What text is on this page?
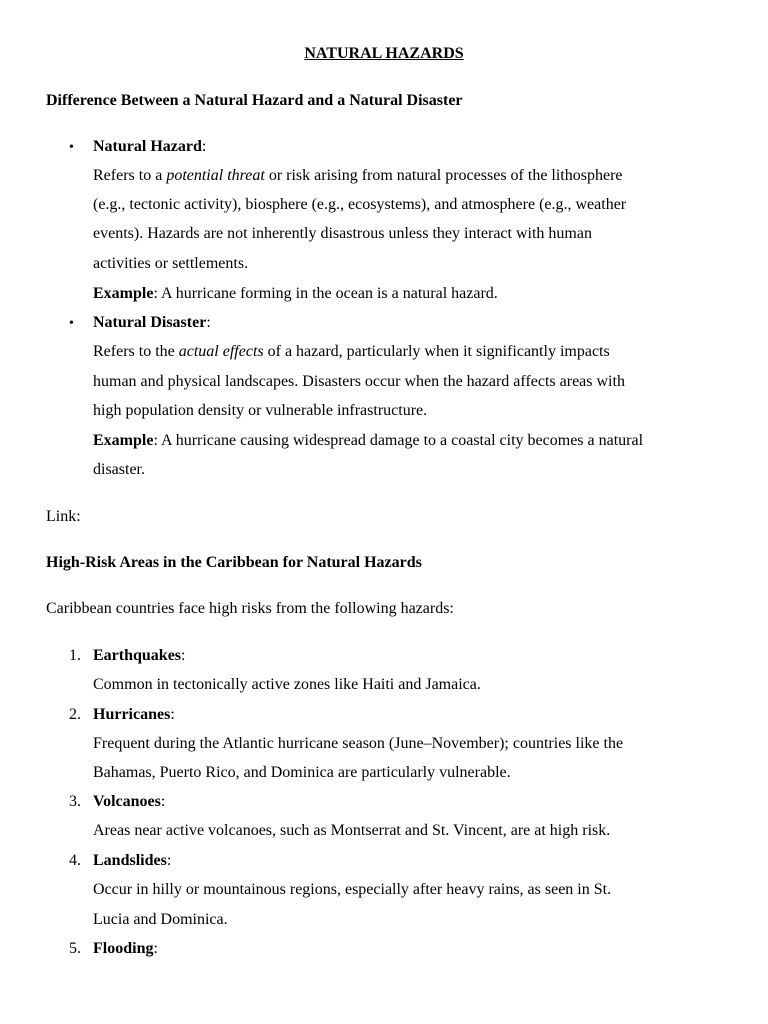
NATURAL HAZARDS
Difference Between a Natural Hazard and a Natural Disaster
• Natural Hazard:
Refers to a potential threat or risk arising from natural processes of the lithosphere
(e.g., tectonic activity), biosphere (e.g., ecosystems), and atmosphere (e.g., weather
events). Hazards are not inherently disastrous unless they interact with human
activities or settlements.
Example: A hurricane forming in the ocean is a natural hazard.
• Natural Disaster:
Refers to the actual effects of a hazard, particularly when it significantly impacts
human and physical landscapes. Disasters occur when the hazard affects areas with
high population density or vulnerable infrastructure.
Example: A hurricane causing widespread damage to a coastal city becomes a natural
disaster.
Link:
High-Risk Areas in the Caribbean for Natural Hazards
Caribbean countries face high risks from the following hazards:
1. Earthquakes:
Common in tectonically active zones like Haiti and Jamaica.
2. Hurricanes:
Frequent during the Atlantic hurricane season (June–November); countries like the
Bahamas, Puerto Rico, and Dominica are particularly vulnerable.
3. Volcanoes:
Areas near active volcanoes, such as Montserrat and St. Vincent, are at high risk.
4. Landslides:
Occur in hilly or mountainous regions, especially after heavy rains, as seen in St.
Lucia and Dominica.
5. Flooding:
